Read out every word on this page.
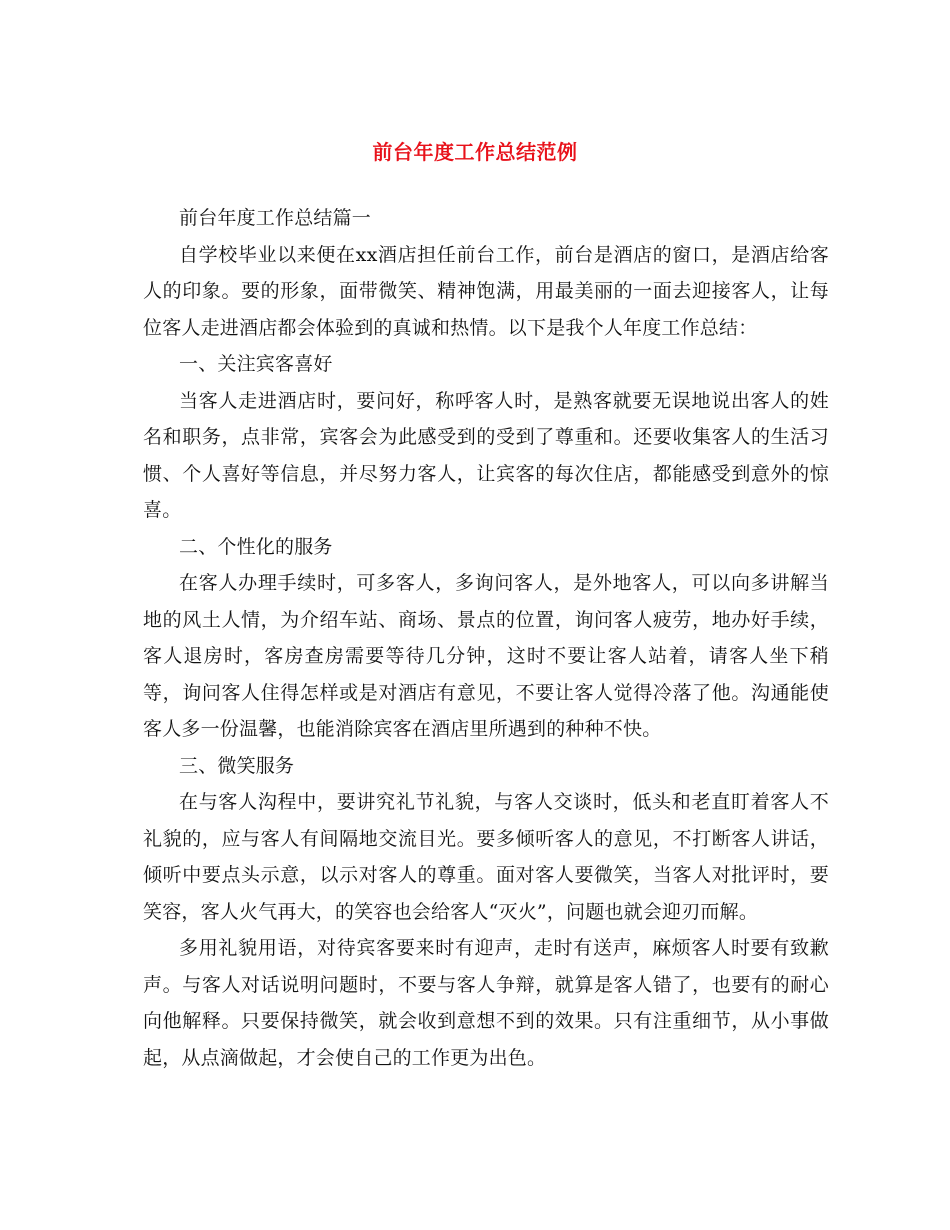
前台年度工作总结范例

前台年度工作总结篇一

自学校毕业以来便在xx酒店担任前台工作，前台是酒店的窗口，是酒店给客人的印象。要的形象，面带微笑、精神饱满，用最美丽的一面去迎接客人，让每位客人走进酒店都会体验到的真诚和热情。以下是我个人年度工作总结：

一、关注宾客喜好

当客人走进酒店时，要问好，称呼客人时，是熟客就要无误地说出客人的姓名和职务，点非常，宾客会为此感受到的受到了尊重和。还要收集客人的生活习惯、个人喜好等信息，并尽努力客人，让宾客的每次住店，都能感受到意外的惊喜。

二、个性化的服务

在客人办理手续时，可多客人，多询问客人，是外地客人，可以向多讲解当地的风土人情，为介绍车站、商场、景点的位置，询问客人疲劳，地办好手续，客人退房时，客房查房需要等待几分钟，这时不要让客人站着，请客人坐下稍等，询问客人住得怎样或是对酒店有意见，不要让客人觉得冷落了他。沟通能使客人多一份温馨，也能消除宾客在酒店里所遇到的种种不快。

三、微笑服务

在与客人沟程中，要讲究礼节礼貌，与客人交谈时，低头和老直盯着客人不礼貌的，应与客人有间隔地交流目光。要多倾听客人的意见，不打断客人讲话，倾听中要点头示意，以示对客人的尊重。面对客人要微笑，当客人对批评时，要笑容，客人火气再大，的笑容也会给客人“灭火”，问题也就会迎刃而解。

多用礼貌用语，对待宾客要来时有迎声，走时有送声，麻烦客人时要有致歉声。与客人对话说明问题时，不要与客人争辩，就算是客人错了，也要有的耐心向他解释。只要保持微笑，就会收到意想不到的效果。只有注重细节，从小事做起，从点滴做起，才会使自己的工作更为出色。
